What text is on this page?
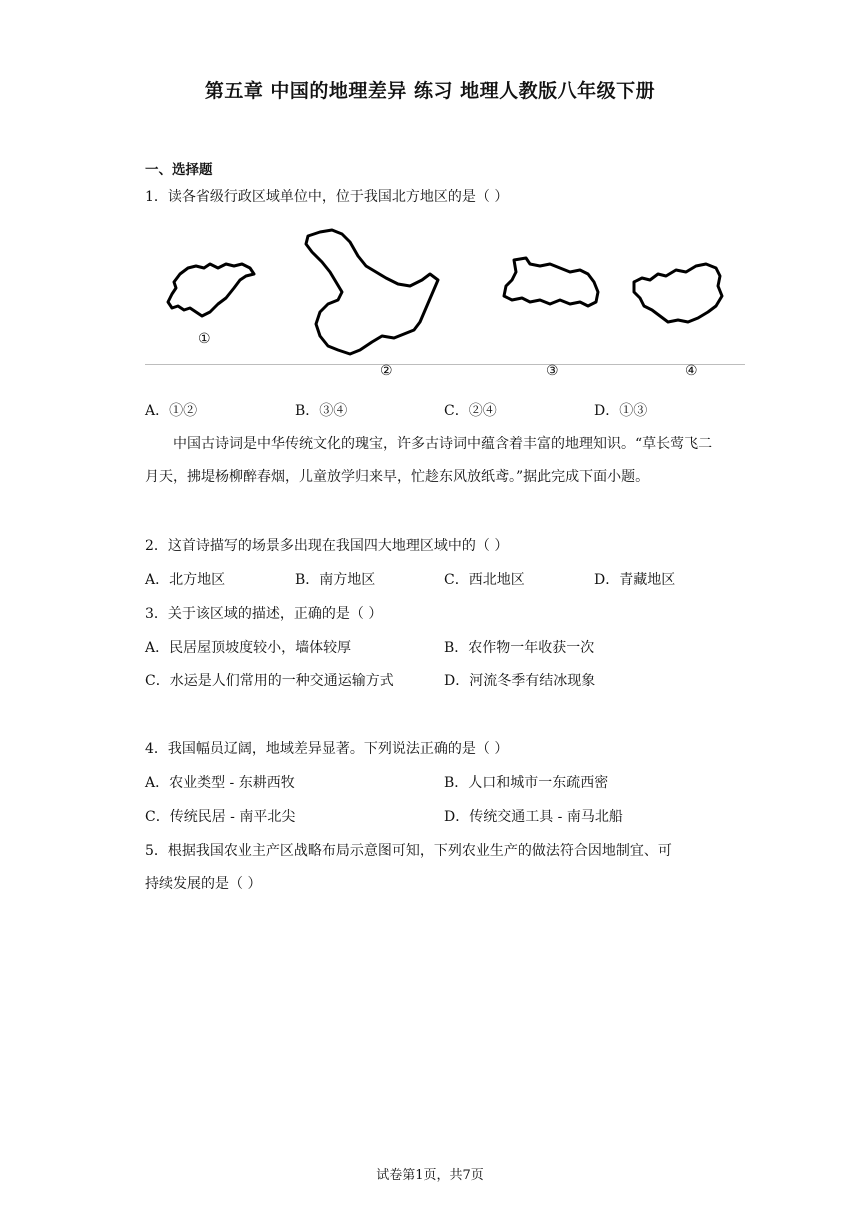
第五章 中国的地理差异 练习 地理人教版八年级下册
一、选择题
1．读各省级行政区域单位中，位于我国北方地区的是（ ）
①
②	③	④
A．①②	B．③④	C．②④	D．①③
中国古诗词是中华传统文化的瑰宝，许多古诗词中蕴含着丰富的地理知识。“草长莺飞二月天，拂堤杨柳醉春烟，儿童放学归来早，忙趁东风放纸鸢。”据此完成下面小题。
2．这首诗描写的场景多出现在我国四大地理区域中的（ ）
A．北方地区	B．南方地区	C．西北地区	D．青藏地区
3．关于该区域的描述，正确的是（ ）
A．民居屋顶坡度较小，墙体较厚	B．农作物一年收获一次
C．水运是人们常用的一种交通运输方式	D．河流冬季有结冰现象
4．我国幅员辽阔，地域差异显著。下列说法正确的是（ ）
A．农业类型 - 东耕西牧	B．人口和城市一东疏西密
C．传统民居 - 南平北尖	D．传统交通工具 - 南马北船
5．根据我国农业主产区战略布局示意图可知，下列农业生产的做法符合因地制宜、可
持续发展的是（ ）
试卷第1页，共7页
